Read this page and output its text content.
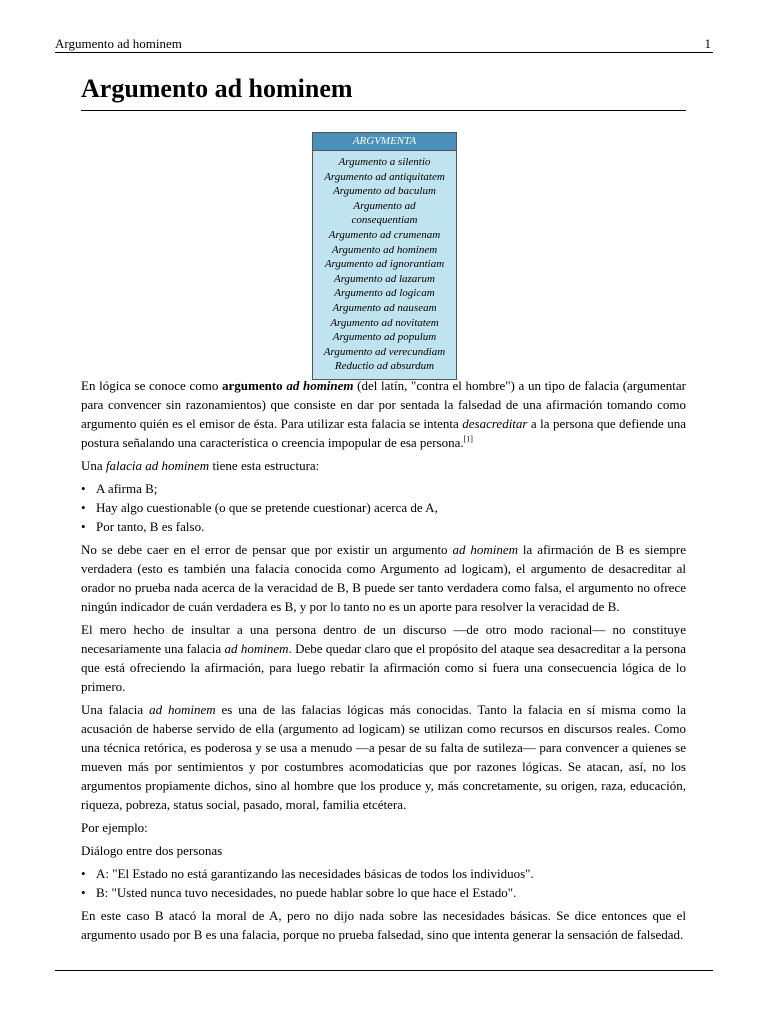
Argumento ad hominem	1
Argumento ad hominem
ARGVMENTA
Argumento a silentio
Argumento ad antiquitatem
Argumento ad baculum
Argumento ad consequentiam
Argumento ad crumenam
Argumento ad hominem
Argumento ad ignorantiam
Argumento ad lazarum
Argumento ad logicam
Argumento ad nauseam
Argumento ad novitatem
Argumento ad populum
Argumento ad verecundiam
Reductio ad absurdum

En lógica se conoce como argumento ad hominem (del latín, "contra el hombre") a un tipo de falacia (argumentar para convencer sin razonamientos) que consiste en dar por sentada la falsedad de una afirmación tomando como argumento quién es el emisor de ésta. Para utilizar esta falacia se intenta desacreditar a la persona que defiende una postura señalando una característica o creencia impopular de esa persona.[1]

Una falacia ad hominem tiene esta estructura:

• A afirma B;
• Hay algo cuestionable (o que se pretende cuestionar) acerca de A,
• Por tanto, B es falso.

No se debe caer en el error de pensar que por existir un argumento ad hominem la afirmación de B es siempre verdadera (esto es también una falacia conocida como Argumento ad logicam), el argumento de desacreditar al orador no prueba nada acerca de la veracidad de B, B puede ser tanto verdadera como falsa, el argumento no ofrece ningún indicador de cuán verdadera es B, y por lo tanto no es un aporte para resolver la veracidad de B.

El mero hecho de insultar a una persona dentro de un discurso —de otro modo racional— no constituye necesariamente una falacia ad hominem. Debe quedar claro que el propósito del ataque sea desacreditar a la persona que está ofreciendo la afirmación, para luego rebatir la afirmación como si fuera una consecuencia lógica de lo primero.

Una falacia ad hominem es una de las falacias lógicas más conocidas. Tanto la falacia en sí misma como la acusación de haberse servido de ella (argumento ad logicam) se utilizan como recursos en discursos reales. Como una técnica retórica, es poderosa y se usa a menudo —a pesar de su falta de sutileza— para convencer a quienes se mueven más por sentimientos y por costumbres acomodaticias que por razones lógicas. Se atacan, así, no los argumentos propiamente dichos, sino al hombre que los produce y, más concretamente, su origen, raza, educación, riqueza, pobreza, status social, pasado, moral, familia etcétera.

Por ejemplo:

Diálogo entre dos personas

• A: "El Estado no está garantizando las necesidades básicas de todos los individuos".
• B: "Usted nunca tuvo necesidades, no puede hablar sobre lo que hace el Estado".

En este caso B atacó la moral de A, pero no dijo nada sobre las necesidades básicas. Se dice entonces que el argumento usado por B es una falacia, porque no prueba falsedad, sino que intenta generar la sensación de falsedad.
